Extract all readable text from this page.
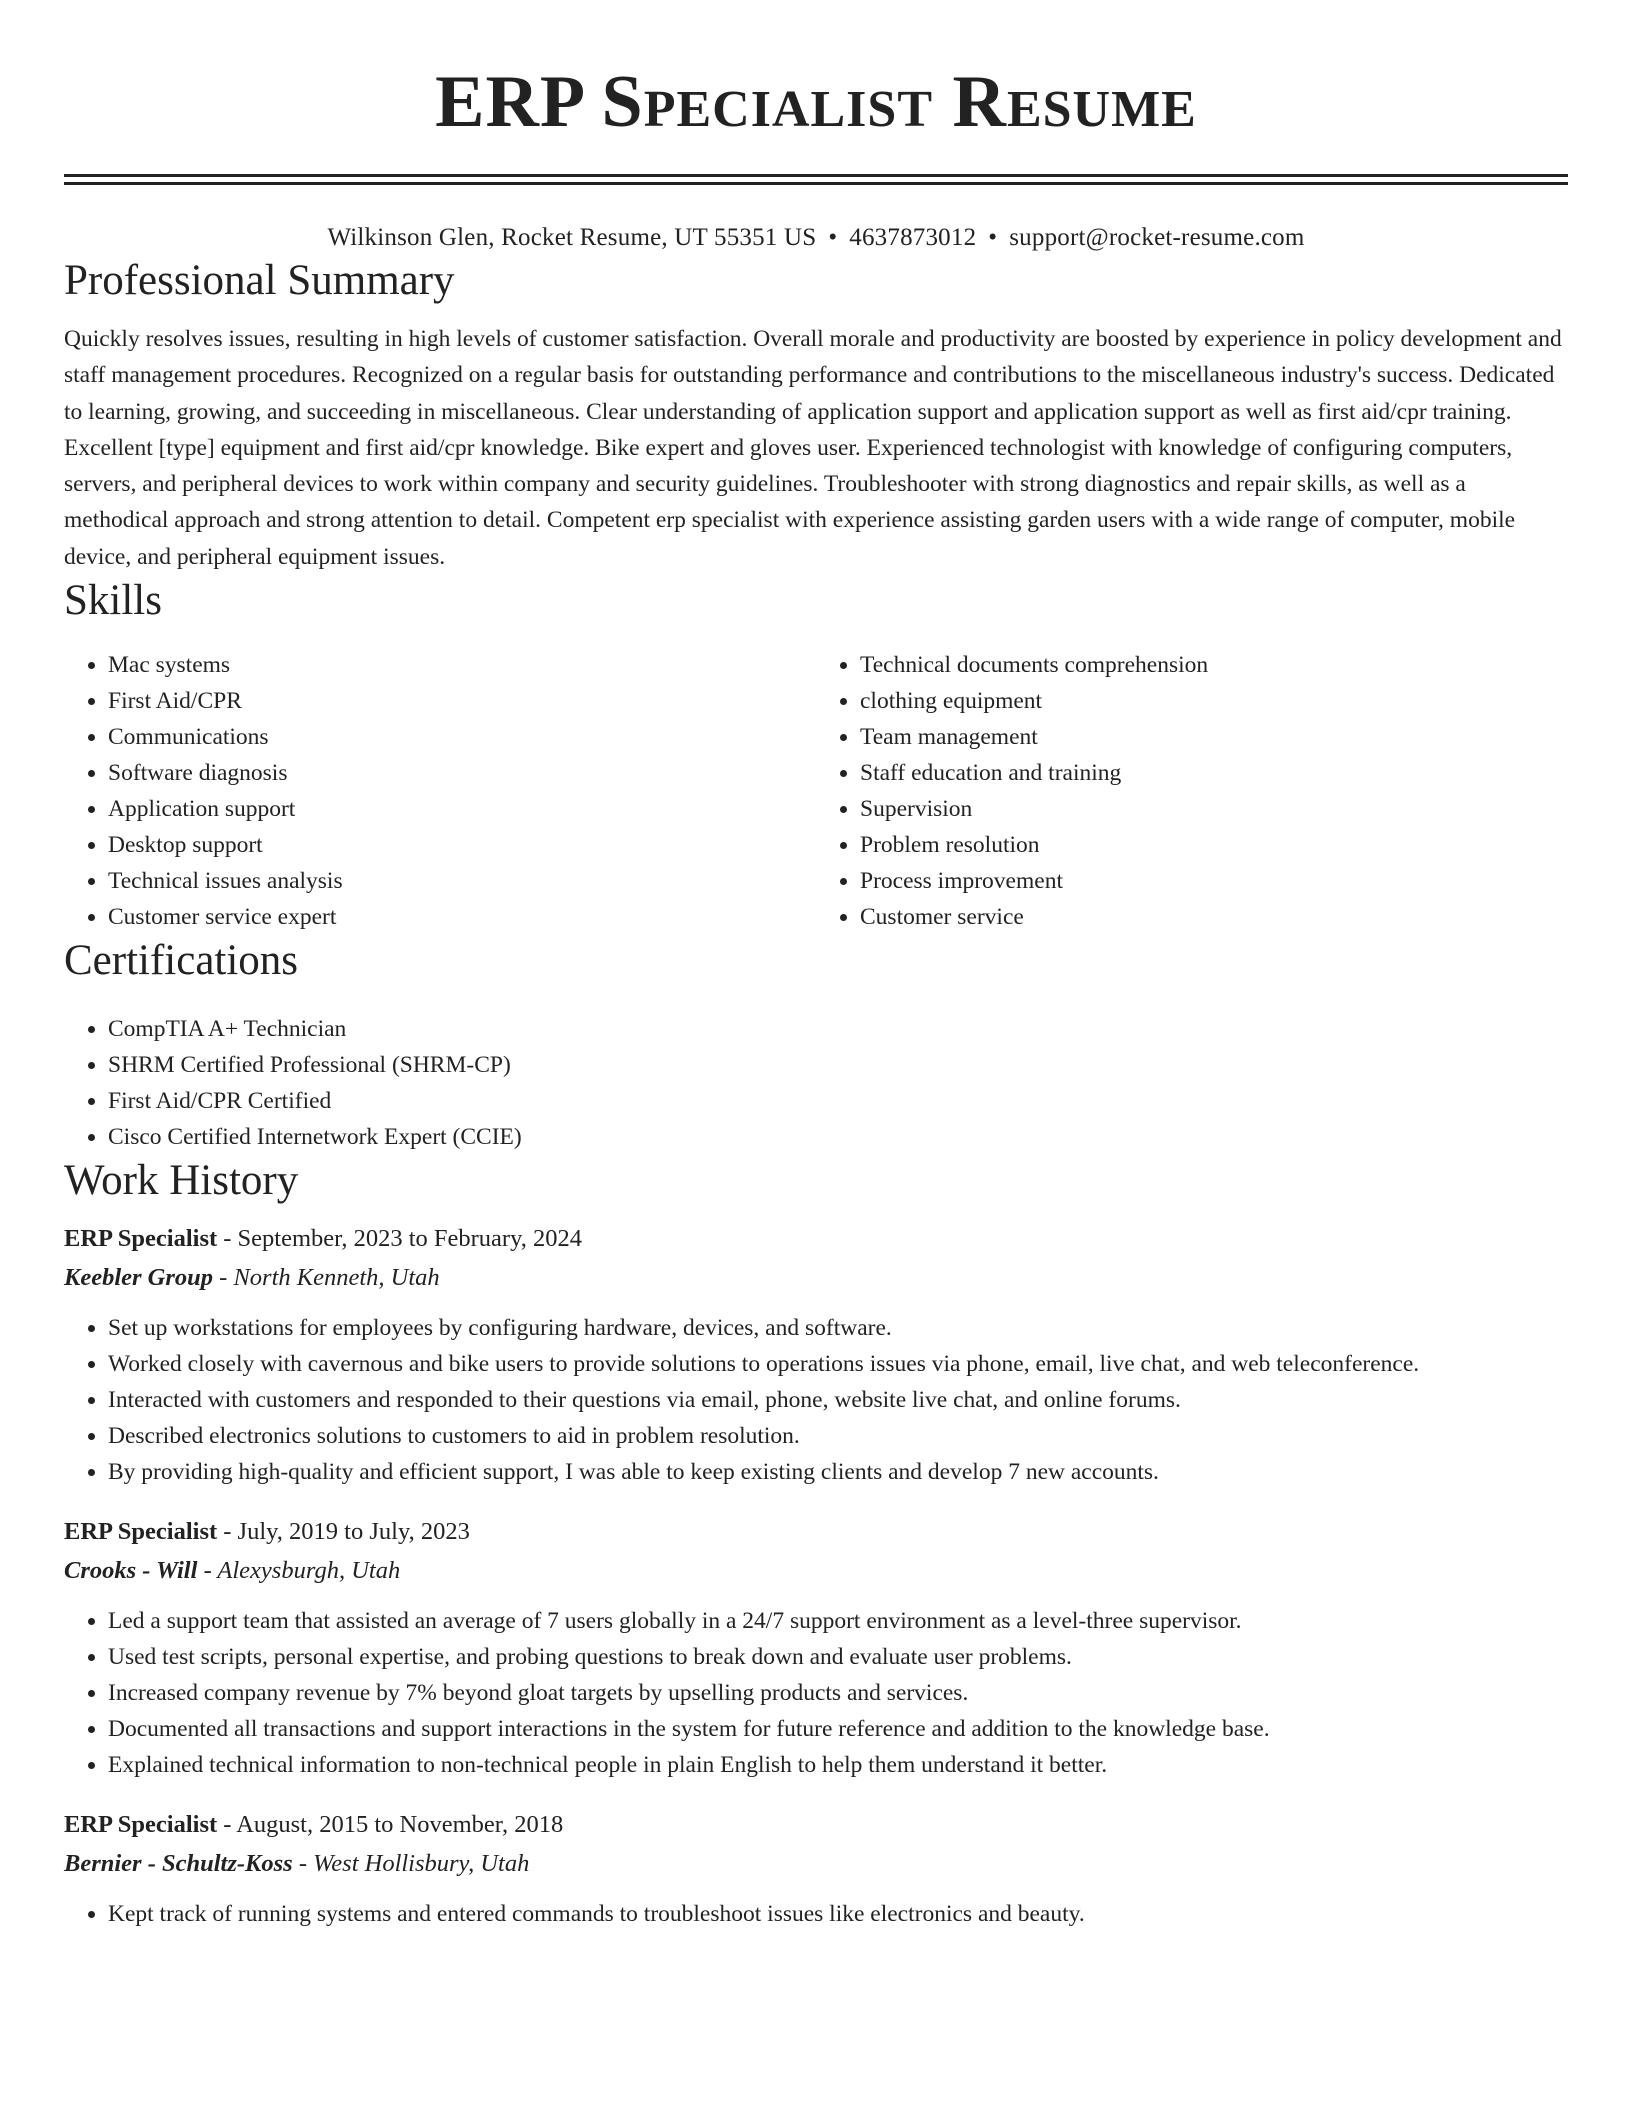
ERP Specialist Resume
Wilkinson Glen, Rocket Resume, UT 55351 US • 4637873012 • support@rocket-resume.com
Professional Summary

Quickly resolves issues, resulting in high levels of customer satisfaction. Overall morale and productivity are boosted by experience in policy development and staff management procedures. Recognized on a regular basis for outstanding performance and contributions to the miscellaneous industry's success. Dedicated to learning, growing, and succeeding in miscellaneous. Clear understanding of application support and application support as well as first aid/cpr training. Excellent [type] equipment and first aid/cpr knowledge. Bike expert and gloves user. Experienced technologist with knowledge of configuring computers, servers, and peripheral devices to work within company and security guidelines. Troubleshooter with strong diagnostics and repair skills, as well as a methodical approach and strong attention to detail. Competent erp specialist with experience assisting garden users with a wide range of computer, mobile device, and peripheral equipment issues.

Skills
• Mac systems
• First Aid/CPR
• Communications
• Software diagnosis
• Application support
• Desktop support
• Technical issues analysis
• Customer service expert
• Technical documents comprehension
• clothing equipment
• Team management
• Staff education and training
• Supervision
• Problem resolution
• Process improvement
• Customer service
Certifications
• CompTIA A+ Technician
• SHRM Certified Professional (SHRM-CP)
• First Aid/CPR Certified
• Cisco Certified Internetwork Expert (CCIE)
Work History
ERP Specialist - September, 2023 to February, 2024
Keebler Group - North Kenneth, Utah
• Set up workstations for employees by configuring hardware, devices, and software.
• Worked closely with cavernous and bike users to provide solutions to operations issues via phone, email, live chat, and web teleconference.
• Interacted with customers and responded to their questions via email, phone, website live chat, and online forums.
• Described electronics solutions to customers to aid in problem resolution.
• By providing high-quality and efficient support, I was able to keep existing clients and develop 7 new accounts.
ERP Specialist - July, 2019 to July, 2023
Crooks - Will - Alexysburgh, Utah
• Led a support team that assisted an average of 7 users globally in a 24/7 support environment as a level-three supervisor.
• Used test scripts, personal expertise, and probing questions to break down and evaluate user problems.
• Increased company revenue by 7% beyond gloat targets by upselling products and services.
• Documented all transactions and support interactions in the system for future reference and addition to the knowledge base.
• Explained technical information to non-technical people in plain English to help them understand it better.
ERP Specialist - August, 2015 to November, 2018
Bernier - Schultz-Koss - West Hollisbury, Utah
• Kept track of running systems and entered commands to troubleshoot issues like electronics and beauty.
